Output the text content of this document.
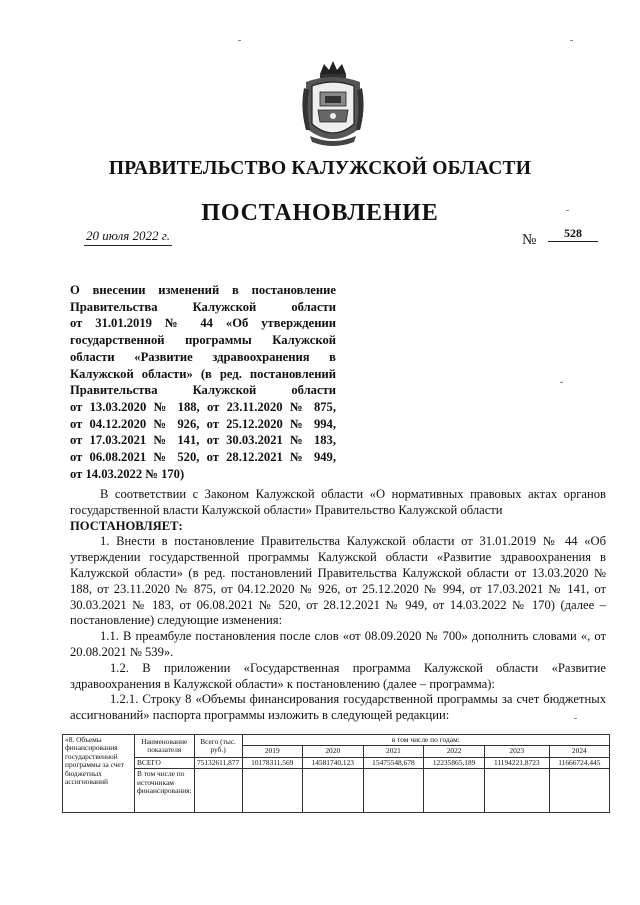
ПРАВИТЕЛЬСТВО КАЛУЖСКОЙ ОБЛАСТИ
ПОСТАНОВЛЕНИЕ
20 июля 2022 г.	№	528
О внесении изменений в постановление
Правительства Калужской области
от 31.01.2019 № 44 «Об утверждении
государственной программы Калужской
области «Развитие здравоохранения в
Калужской области» (в ред. постановлений
Правительства Калужской области
от 13.03.2020 № 188, от 23.11.2020 № 875,
от 04.12.2020 № 926, от 25.12.2020 № 994,
от 17.03.2021 № 141, от 30.03.2021 № 183,
от 06.08.2021 № 520, от 28.12.2021 № 949,
от 14.03.2022 № 170)

В соответствии с Законом Калужской области «О нормативных правовых актах органов государственной власти Калужской области» Правительство Калужской области

ПОСТАНОВЛЯЕТ:

1. Внести в постановление Правительства Калужской области от 31.01.2019 № 44 «Об утверждении государственной программы Калужской области «Развитие здравоохранения в Калужской области» (в ред. постановлений Правительства Калужской области от 13.03.2020 № 188, от 23.11.2020 № 875, от 04.12.2020 № 926, от 25.12.2020 № 994, от 17.03.2021 № 141, от 30.03.2021 № 183, от 06.08.2021 № 520, от 28.12.2021 № 949, от 14.03.2022 № 170) (далее – постановление) следующие изменения:

1.1. В преамбуле постановления после слов «от 08.09.2020 № 700» дополнить словами «, от 20.08.2021 № 539».

1.2. В приложении «Государственная программа Калужской области «Развитие здравоохранения в Калужской области» к постановлению (далее – программа):

1.2.1. Строку 8 «Объемы финансирования государственной программы за счет бюджетных ассигнований» паспорта программы изложить в следующей редакции:

«8. Объемы финансирования государственной программы за счет бюджетных ассигнований	Наименование показателя	Всего (тыс. руб.)	в том числе по годам:					
			2019	2020	2021	2022	2023	2024
	ВСЕГО	75132611,877	10178311,569	14581740,123	15475548,678	12235865,189	11194221,8723	11666724,445
	В том числе по источникам финансирования:							
